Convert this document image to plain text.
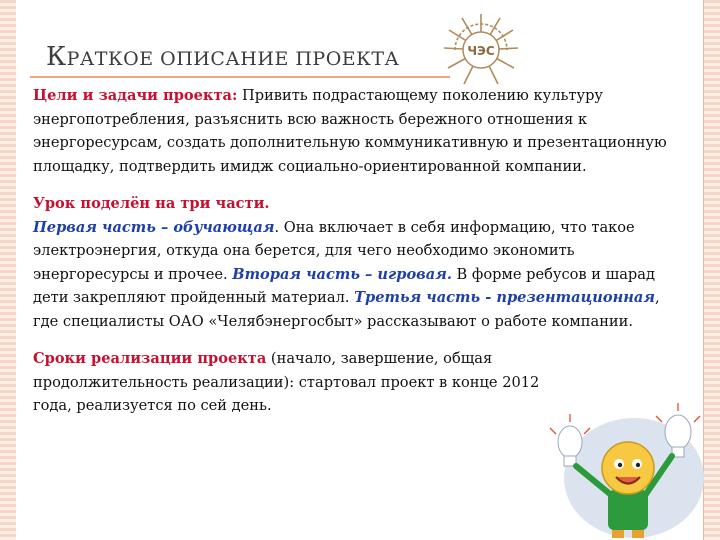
КРАТКОЕ ОПИСАНИЕ ПРОЕКТА	ЧЭС

Цели и задачи проекта: Привить подрастающему поколению культуру энергопотребления, разъяснить всю важность бережного отношения к энергоресурсам, создать дополнительную коммуникативную и презентационную площадку, подтвердить имидж социально-ориентированной компании.

Урок поделён на три части.
Первая часть – обучающая. Она включает в себя информацию, что такое электроэнергия, откуда она берется, для чего необходимо экономить энергоресурсы и прочее. Вторая часть – игровая. В форме ребусов и шарад дети закрепляют пройденный материал. Третья часть - презентационная, где специалисты ОАО «Челябэнергосбыт» рассказывают о работе компании.

Сроки реализации проекта (начало, завершение, общая продолжительность реализации): стартовал проект в конце 2012 года, реализуется по сей день.
